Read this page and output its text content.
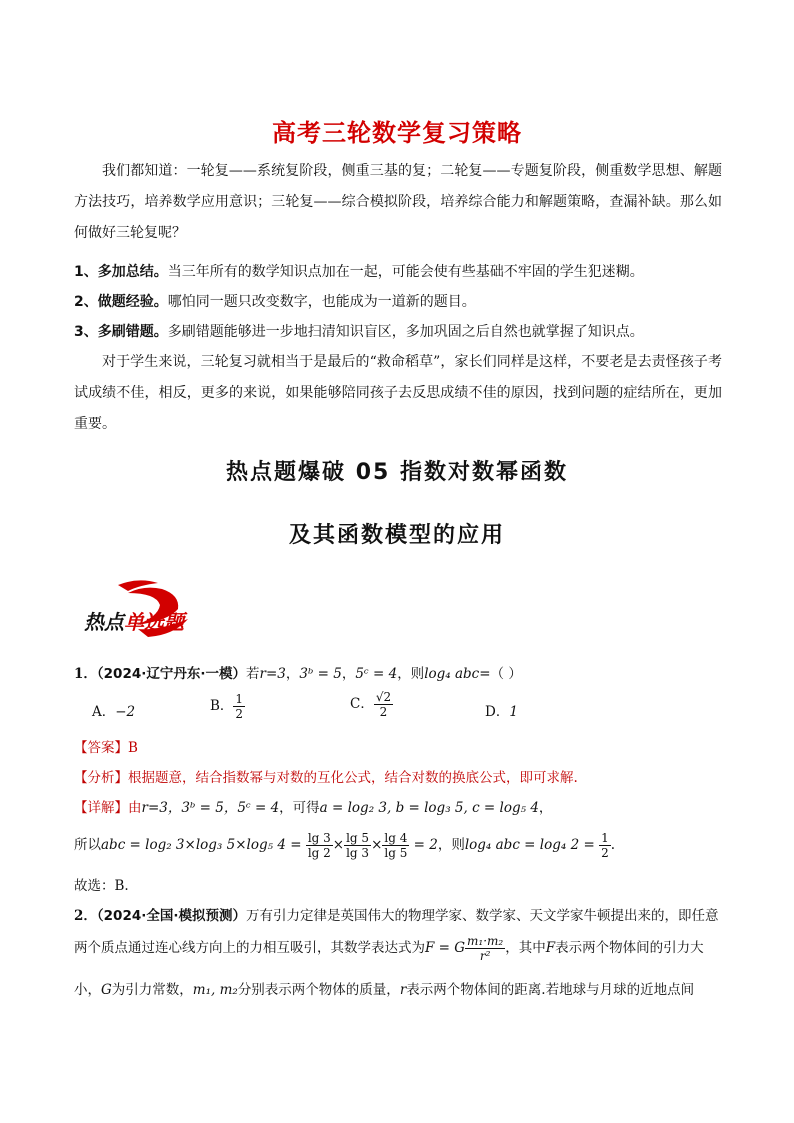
高考三轮数学复习策略
我们都知道：一轮复——系统复阶段，侧重三基的复；二轮复——专题复阶段，侧重数学思想、解题方法技巧，培养数学应用意识；三轮复——综合模拟阶段，培养综合能力和解题策略，查漏补缺。那么如何做好三轮复呢？
1、多加总结。当三年所有的数学知识点加在一起，可能会使有些基础不牢固的学生犯迷糊。
2、做题经验。哪怕同一题只改变数字，也能成为一道新的题目。
3、多刷错题。多刷错题能够进一步地扫清知识盲区，多加巩固之后自然也就掌握了知识点。
对于学生来说，三轮复习就相当于是最后的“救命稻草”，家长们同样是这样，不要老是去责怪孩子考试成绩不佳，相反，更多的来说，如果能够陪同孩子去反思成绩不佳的原因，找到问题的症结所在，更加重要。
热点题爆破 05 指数对数幂函数
及其函数模型的应用
热点单选题
1．（2024·辽宁丹东·一模）若r=3，3ᵇ = 5，5ᶜ = 4，则log₄ abc=（ ）
A．−2	B． $\frac{1}{2}$	C． $\frac{√2}{2}$	D．1
【答案】B
【分析】根据题意，结合指数幂与对数的互化公式，结合对数的换底公式，即可求解.
【详解】由r=3，3ᵇ = 5，5ᶜ = 4，可得a = log₂ 3, b = log₃ 5, c = log₅ 4，
所以abc = log₂ 3×log₃ 5×log₅ $4 = \frac{\lg 3}{\lg 2} \times \frac{\lg 5}{\lg 3} \times \frac{\lg 4}{\lg 5} = 2$，则log₄ abc = log₄ $2 = \frac{1}{2}$ .
故选：B.
2．（2024·全国·模拟预测）万有引力定律是英国伟大的物理学家、数学家、天文学家牛顿提出来的，即任意
两个质点通过连心线方向上的力相互吸引，其数学表达式为F = G $\frac{\text{m₁·m₂}}{\text{r²}}$ ，其中F表示两个物体间的引力大
小，G为引力常数，m₁, m₂分别表示两个物体的质量，r表示两个物体间的距离.若地球与月球的近地点间
